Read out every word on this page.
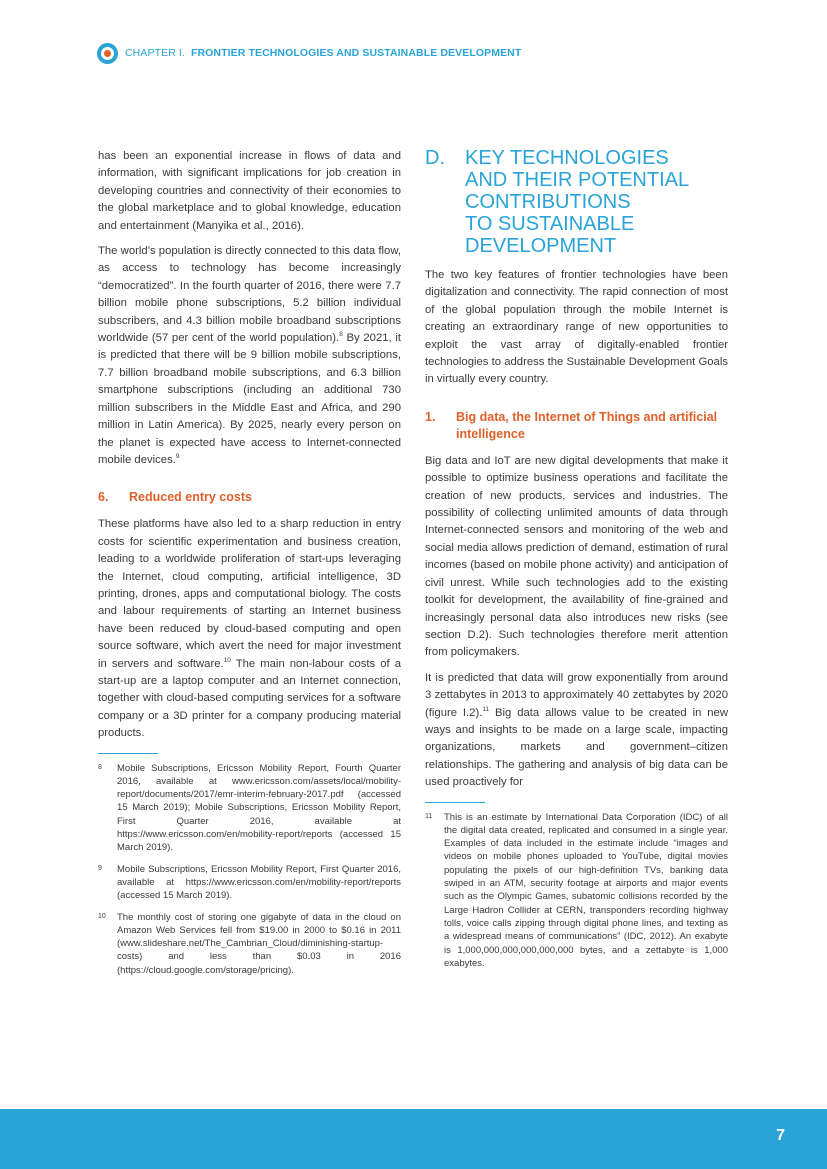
CHAPTER I. FRONTIER TECHNOLOGIES AND SUSTAINABLE DEVELOPMENT

has been an exponential increase in flows of data and information, with significant implications for job creation in developing countries and connectivity of their economies to the global marketplace and to global knowledge, education and entertainment (Manyika et al., 2016).

The world’s population is directly connected to this data flow, as access to technology has become increasingly “democratized”. In the fourth quarter of 2016, there were 7.7 billion mobile phone subscriptions, 5.2 billion individual subscribers, and 4.3 billion mobile broadband subscriptions worldwide (57 per cent of the world population).$^8$ By 2021, it is predicted that there will be 9 billion mobile subscriptions, 7.7 billion broadband mobile subscriptions, and 6.3 billion smartphone subscriptions (including an additional 730 million subscribers in the Middle East and Africa, and 290 million in Latin America). By 2025, nearly every person on the planet is expected have access to Internet-connected mobile devices.$^9$

6.	Reduced entry costs

These platforms have also led to a sharp reduction in entry costs for scientific experimentation and business creation, leading to a worldwide proliferation of start-ups leveraging the Internet, cloud computing, artificial intelligence, 3D printing, drones, apps and computational biology. The costs and labour requirements of starting an Internet business have been reduced by cloud-based computing and open source software, which avert the need for major investment in servers and software.$^{10}$ The main non-labour costs of a start-up are a laptop computer and an Internet connection, together with cloud-based computing services for a software company or a 3D printer for a company producing material products.

8	Mobile Subscriptions, Ericsson Mobility Report, Fourth Quarter 2016, available at www.ericsson.com/assets/local/mobility-report/documents/2017/emr-interim-february-2017.pdf (accessed 15 March 2019); Mobile Subscriptions, Ericsson Mobility Report, First Quarter 2016, available at https://www.ericsson.com/en/mobility-report/reports (accessed 15 March 2019).
9	Mobile Subscriptions, Ericsson Mobility Report, First Quarter 2016, available at https://www.ericsson.com/en/mobility-report/reports (accessed 15 March 2019).
10	The monthly cost of storing one gigabyte of data in the cloud on Amazon Web Services fell from $19.00 in 2000 to $0.16 in 2011 (www.slideshare.net/The_Cambrian_Cloud/diminishing-startup-costs) and less than $0.03 in 2016 (https://cloud.google.com/storage/pricing).
D.	KEY TECHNOLOGIES
AND THEIR POTENTIAL
CONTRIBUTIONS
TO SUSTAINABLE
DEVELOPMENT

The two key features of frontier technologies have been digitalization and connectivity. The rapid connection of most of the global population through the mobile Internet is creating an extraordinary range of new opportunities to exploit the vast array of digitally-enabled frontier technologies to address the Sustainable Development Goals in virtually every country.

1.	Big data, the Internet of Things and artificial intelligence

Big data and IoT are new digital developments that make it possible to optimize business operations and facilitate the creation of new products, services and industries. The possibility of collecting unlimited amounts of data through Internet-connected sensors and monitoring of the web and social media allows prediction of demand, estimation of rural incomes (based on mobile phone activity) and anticipation of civil unrest. While such technologies add to the existing toolkit for development, the availability of fine-grained and increasingly personal data also introduces new risks (see section D.2). Such technologies therefore merit attention from policymakers.

It is predicted that data will grow exponentially from around 3 zettabytes in 2013 to approximately 40 zettabytes by 2020 (figure I.2).$^{11}$ Big data allows value to be created in new ways and insights to be made on a large scale, impacting organizations, markets and government–citizen relationships. The gathering and analysis of big data can be used proactively for

11	This is an estimate by International Data Corporation (IDC) of all the digital data created, replicated and consumed in a single year. Examples of data included in the estimate include “images and videos on mobile phones uploaded to YouTube, digital movies populating the pixels of our high-definition TVs, banking data swiped in an ATM, security footage at airports and major events such as the Olympic Games, subatomic collisions recorded by the Large Hadron Collider at CERN, transponders recording highway tolls, voice calls zipping through digital phone lines, and texting as a widespread means of communications” (IDC, 2012). An exabyte is 1,000,000,000,000,000,000 bytes, and a zettabyte is 1,000 exabytes.
7
